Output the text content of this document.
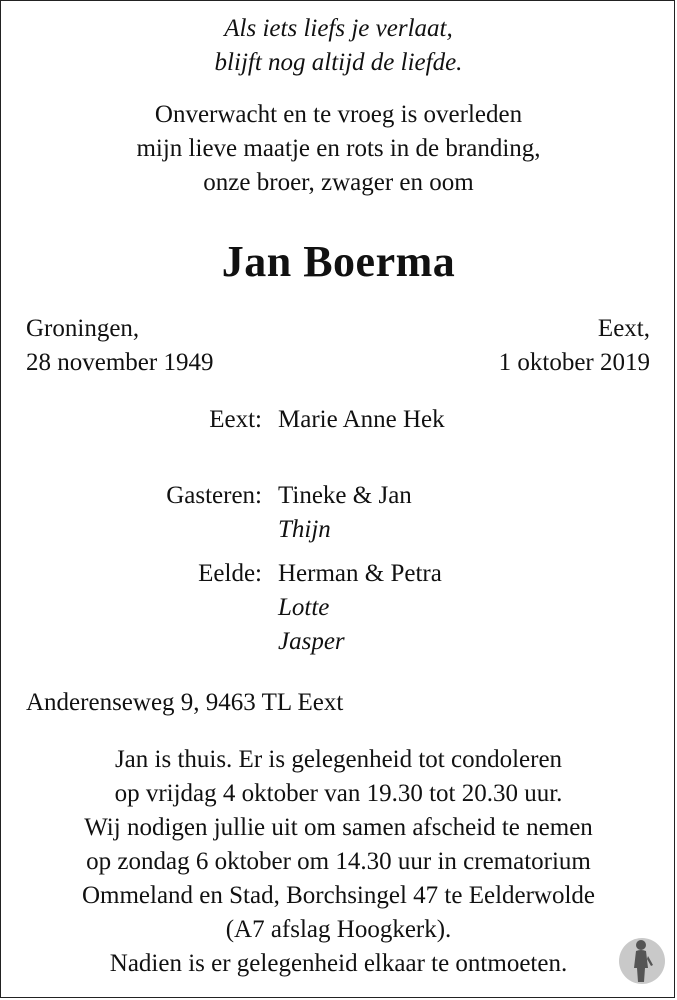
Als iets liefs je verlaat,
blijft nog altijd de liefde.
Onverwacht en te vroeg is overleden
mijn lieve maatje en rots in de branding,
onze broer, zwager en oom
Jan Boerma
Groningen,
28 november 1949
Eext,
1 oktober 2019
Eext: Marie Anne Hek
Gasteren: Tineke & Jan
Thijn
Eelde: Herman & Petra
Lotte
Jasper
Anderenseweg 9, 9463 TL Eext
Jan is thuis. Er is gelegenheid tot condoleren
op vrijdag 4 oktober van 19.30 tot 20.30 uur.
Wij nodigen jullie uit om samen afscheid te nemen
op zondag 6 oktober om 14.30 uur in crematorium
Ommeland en Stad, Borchsingel 47 te Eelderwolde
(A7 afslag Hoogkerk).
Nadien is er gelegenheid elkaar te ontmoeten.
